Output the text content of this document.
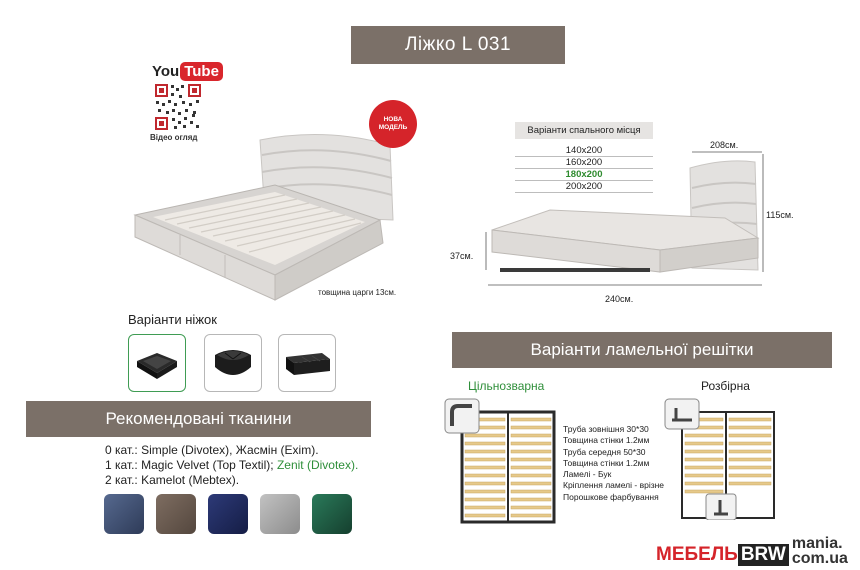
Ліжко L 031
You Tube
Відео огляд
НОВА
МОДЕЛЬ
товщина царги 13см.
Варіанти спального місця
140x200
160x200
180x200
200x200
208см.
115см.
37см.
240см.
Варіанти ніжок
Рекомендовані тканини
0 кат.: Simple (Divotex), Жасмін (Exim).
1 кат.: Magic Velvet (Top Textil); Zenit (Divotex).
2 кат.: Kamelot (Mebtex).
Варіанти ламельної решітки
Цільнозварна	Розбірна
Труба зовнішня 30*30
Товщина стінки 1.2мм
Труба середня 50*30
Товщина стінки 1.2мм
Ламелі - Бук
Кріплення ламелі - врізне
Порошкове фарбування
МЕБЕЛЬ BRW
mania.
com.ua
